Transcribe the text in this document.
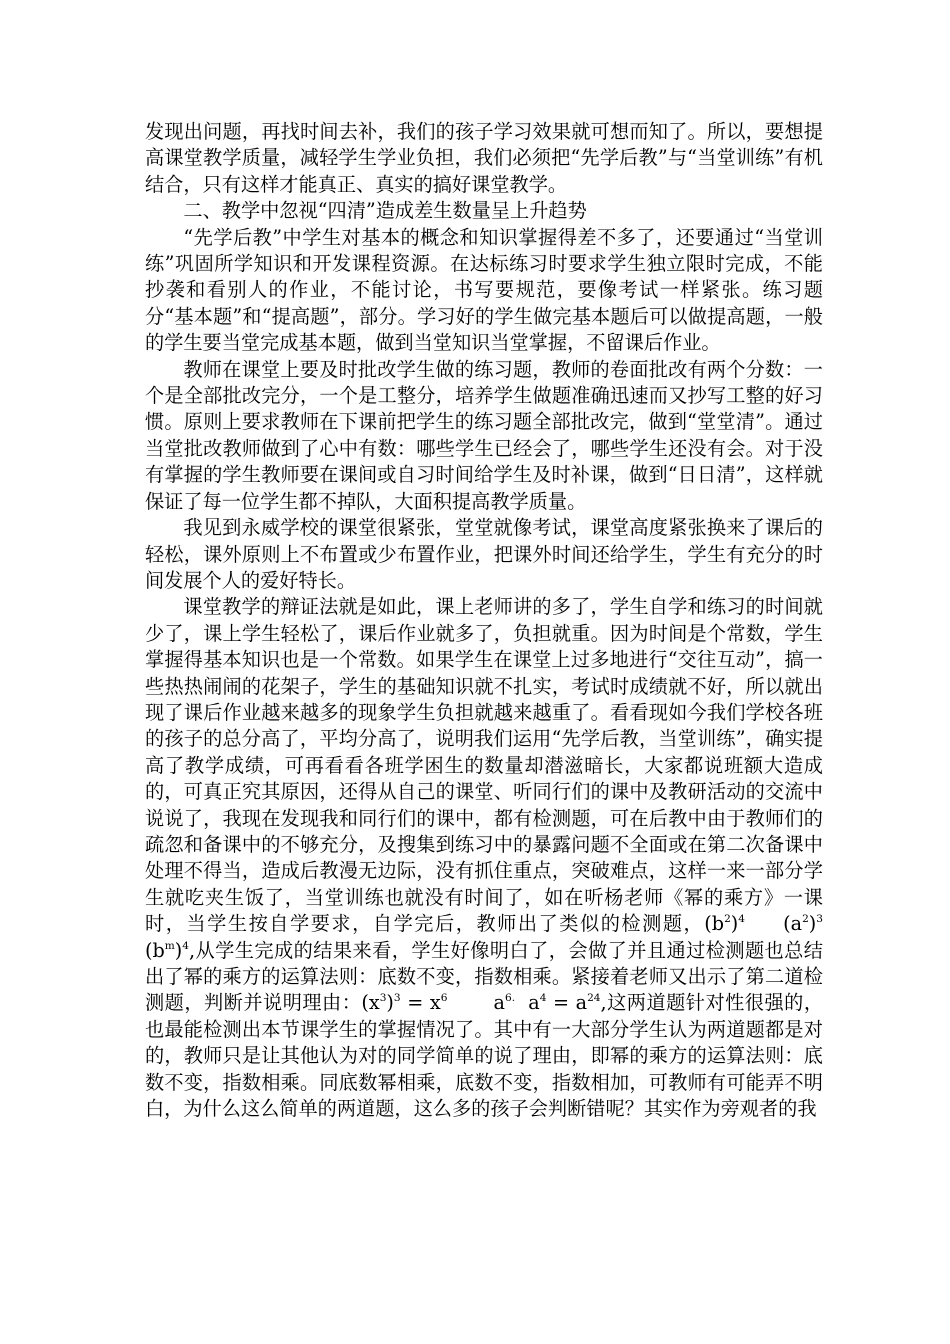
发现出问题，再找时间去补，我们的孩子学习效果就可想而知了。所以，要想提高课堂教学质量，减轻学生学业负担，我们必须把“先学后教”与“当堂训练”有机结合，只有这样才能真正、真实的搞好课堂教学。

二、教学中忽视“四清”造成差生数量呈上升趋势

“先学后教”中学生对基本的概念和知识掌握得差不多了，还要通过“当堂训练”巩固所学知识和开发课程资源。在达标练习时要求学生独立限时完成，不能抄袭和看别人的作业，不能讨论，书写要规范，要像考试一样紧张。练习题分“基本题”和“提高题”，部分。学习好的学生做完基本题后可以做提高题，一般的学生要当堂完成基本题，做到当堂知识当堂掌握，不留课后作业。

教师在课堂上要及时批改学生做的练习题，教师的卷面批改有两个分数：一个是全部批改完分，一个是工整分，培养学生做题准确迅速而又抄写工整的好习惯。原则上要求教师在下课前把学生的练习题全部批改完，做到“堂堂清”。通过当堂批改教师做到了心中有数：哪些学生已经会了，哪些学生还没有会。对于没有掌握的学生教师要在课间或自习时间给学生及时补课，做到“日日清”，这样就保证了每一位学生都不掉队，大面积提高教学质量。

我见到永威学校的课堂很紧张，堂堂就像考试，课堂高度紧张换来了课后的轻松，课外原则上不布置或少布置作业，把课外时间还给学生，学生有充分的时间发展个人的爱好特长。

课堂教学的辩证法就是如此，课上老师讲的多了，学生自学和练习的时间就少了，课上学生轻松了，课后作业就多了，负担就重。因为时间是个常数，学生掌握得基本知识也是一个常数。如果学生在课堂上过多地进行“交往互动”，搞一些热热闹闹的花架子，学生的基础知识就不扎实，考试时成绩就不好，所以就出现了课后作业越来越多的现象学生负担就越来越重了。看看现如今我们学校各班的孩子的总分高了，平均分高了，说明我们运用“先学后教，当堂训练”，确实提高了教学成绩，可再看看各班学困生的数量却潜滋暗长，大家都说班额大造成的，可真正究其原因，还得从自己的课堂、听同行们的课中及教研活动的交流中说说了，我现在发现我和同行们的课中，都有检测题，可在后教中由于教师们的疏忽和备课中的不够充分，及搜集到练习中的暴露问题不全面或在第二次备课中处理不得当，造成后教漫无边际，没有抓住重点，突破难点，这样一来一部分学生就吃夹生饭了，当堂训练也就没有时间了，如在听杨老师《幂的乘方》一课时，当学生按自学要求，自学完后，教师出了类似的检测题，$(b^2)^4$ $(a^2)^3$ $(b^m)^4$,从学生完成的结果来看，学生好像明白了，会做了并且通过检测题也总结出了幂的乘方的运算法则：底数不变，指数相乘。紧接着老师又出示了第二道检测题，判断并说明理由：$(x^3)^3 = x^6$ $a^{6.}$ $a^4 = a^{24}$,这两道题针对性很强的，也最能检测出本节课学生的掌握情况了。其中有一大部分学生认为两道题都是对的，教师只是让其他认为对的同学简单的说了理由，即幂的乘方的运算法则：底数不变，指数相乘。同底数幂相乘，底数不变，指数相加，可教师有可能弄不明白，为什么这么简单的两道题，这么多的孩子会判断错呢？其实作为旁观者的我
